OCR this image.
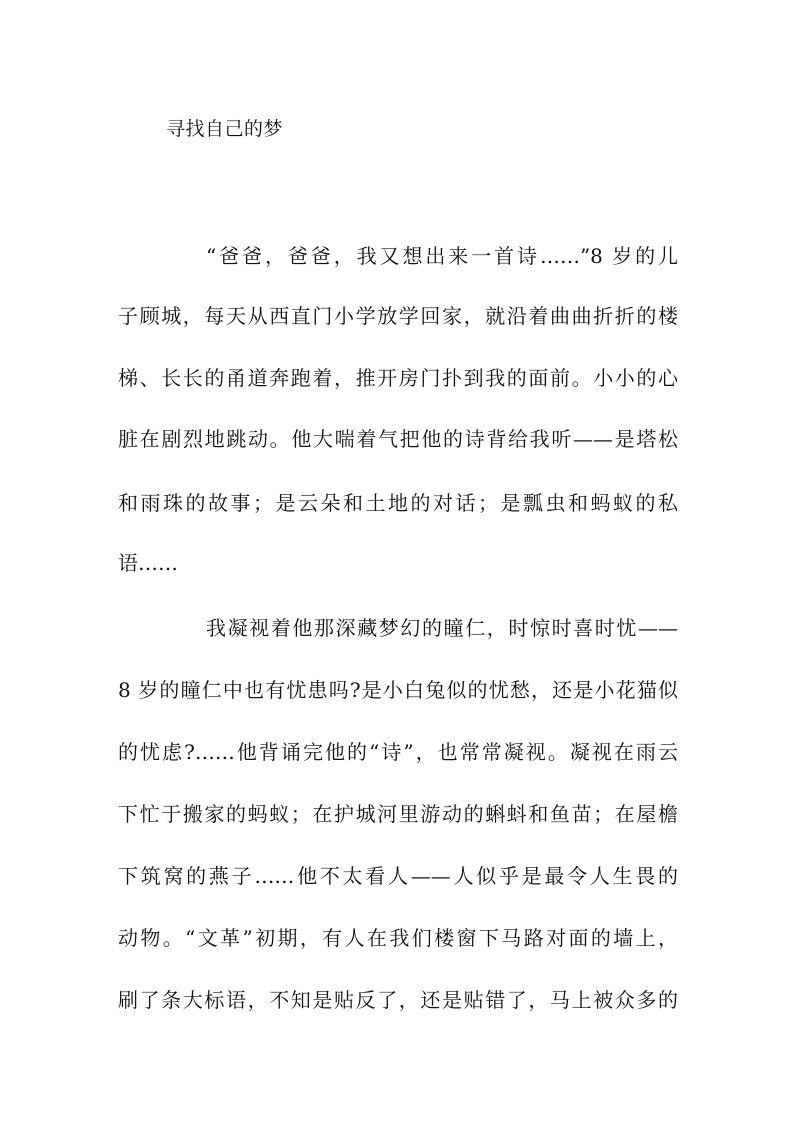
寻找自己的梦
“爸爸，爸爸，我又想出来一首诗……”8 岁的儿
子顾城，每天从西直门小学放学回家，就沿着曲曲折折的楼
梯、长长的甬道奔跑着，推开房门扑到我的面前。小小的心
脏在剧烈地跳动。他大喘着气把他的诗背给我听——是塔松
和雨珠的故事；是云朵和土地的对话；是瓢虫和蚂蚁的私
语……
我凝视着他那深藏梦幻的瞳仁，时惊时喜时忧——
8 岁的瞳仁中也有忧患吗?是小白兔似的忧愁，还是小花猫似
的忧虑?……他背诵完他的“诗”，也常常凝视。凝视在雨云
下忙于搬家的蚂蚁；在护城河里游动的蝌蚪和鱼苗；在屋檐
下筑窝的燕子……他不太看人——人似乎是最令人生畏的
动物。“文革”初期，有人在我们楼窗下马路对面的墙上，
刷了条大标语，不知是贴反了，还是贴错了，马上被众多的
